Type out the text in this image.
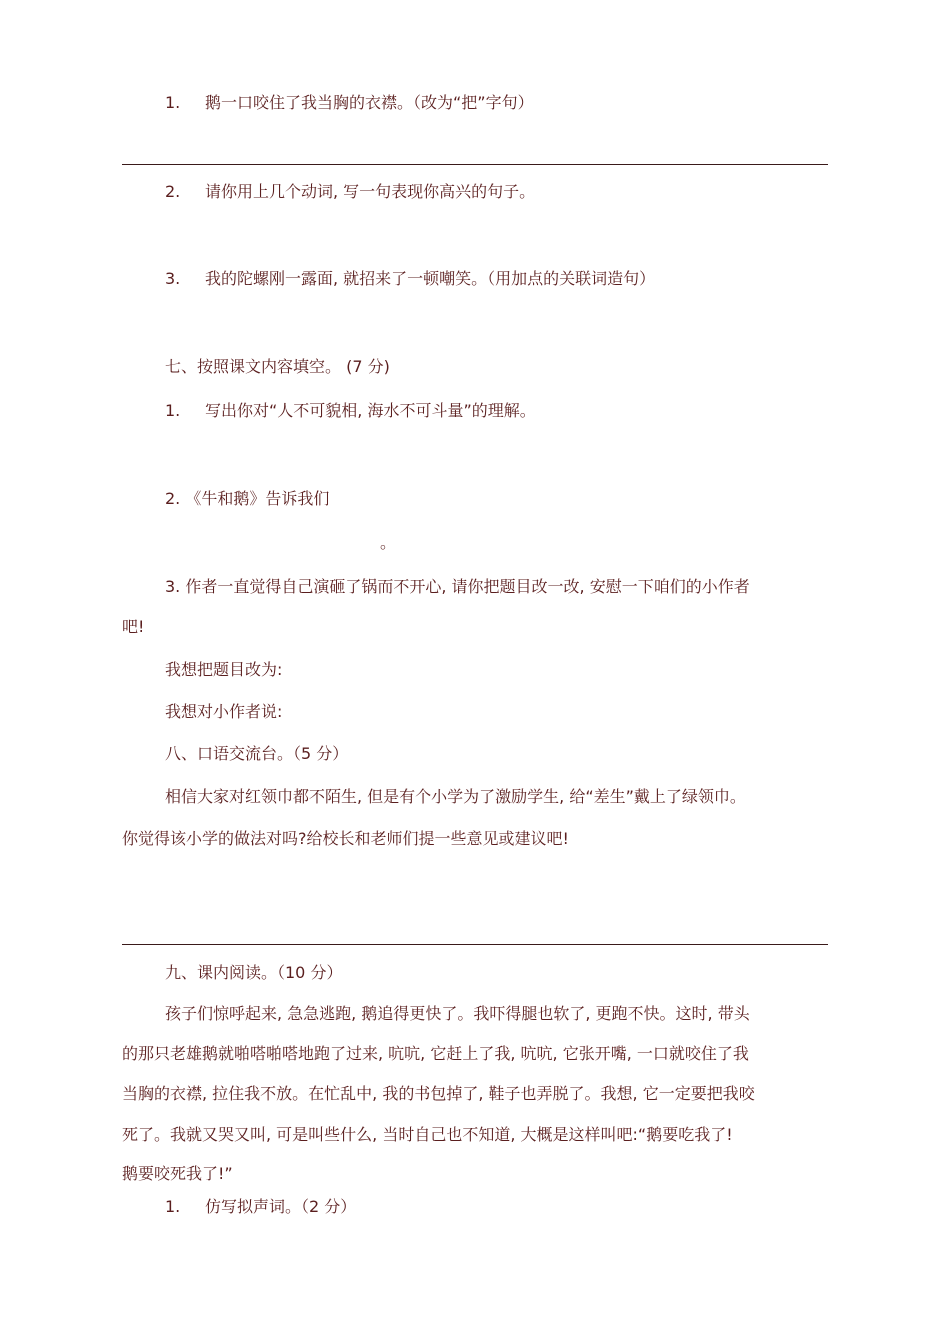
1. 鹅一口咬住了我当胸的衣襟。（改为“把”字句）
2. 请你用上几个动词, 写一句表现你高兴的句子。
3. 我的陀螺刚一露面, 就招来了一顿嘲笑。（用加点的关联词造句）
七、按照课文内容填空。 (7 分)
1. 写出你对“人不可貌相, 海水不可斗量”的理解。
2. 《牛和鹅》告诉我们
。
3. 作者一直觉得自己演砸了锅而不开心, 请你把题目改一改, 安慰一下咱们的小作者
吧!
我想把题目改为:
我想对小作者说:
八、口语交流台。（5 分）
相信大家对红领巾都不陌生, 但是有个小学为了激励学生, 给“差生”戴上了绿领巾。
你觉得该小学的做法对吗?给校长和老师们提一些意见或建议吧!
九、课内阅读。（10 分）
孩子们惊呼起来, 急急逃跑, 鹅追得更快了。我吓得腿也软了, 更跑不快。这时, 带头
的那只老雄鹅就啪嗒啪嗒地跑了过来, 吭吭, 它赶上了我, 吭吭, 它张开嘴, 一口就咬住了我
当胸的衣襟, 拉住我不放。在忙乱中, 我的书包掉了, 鞋子也弄脱了。我想, 它一定要把我咬
死了。我就又哭又叫, 可是叫些什么, 当时自己也不知道, 大概是这样叫吧:“鹅要吃我了!
鹅要咬死我了!”
1. 仿写拟声词。（2 分）
